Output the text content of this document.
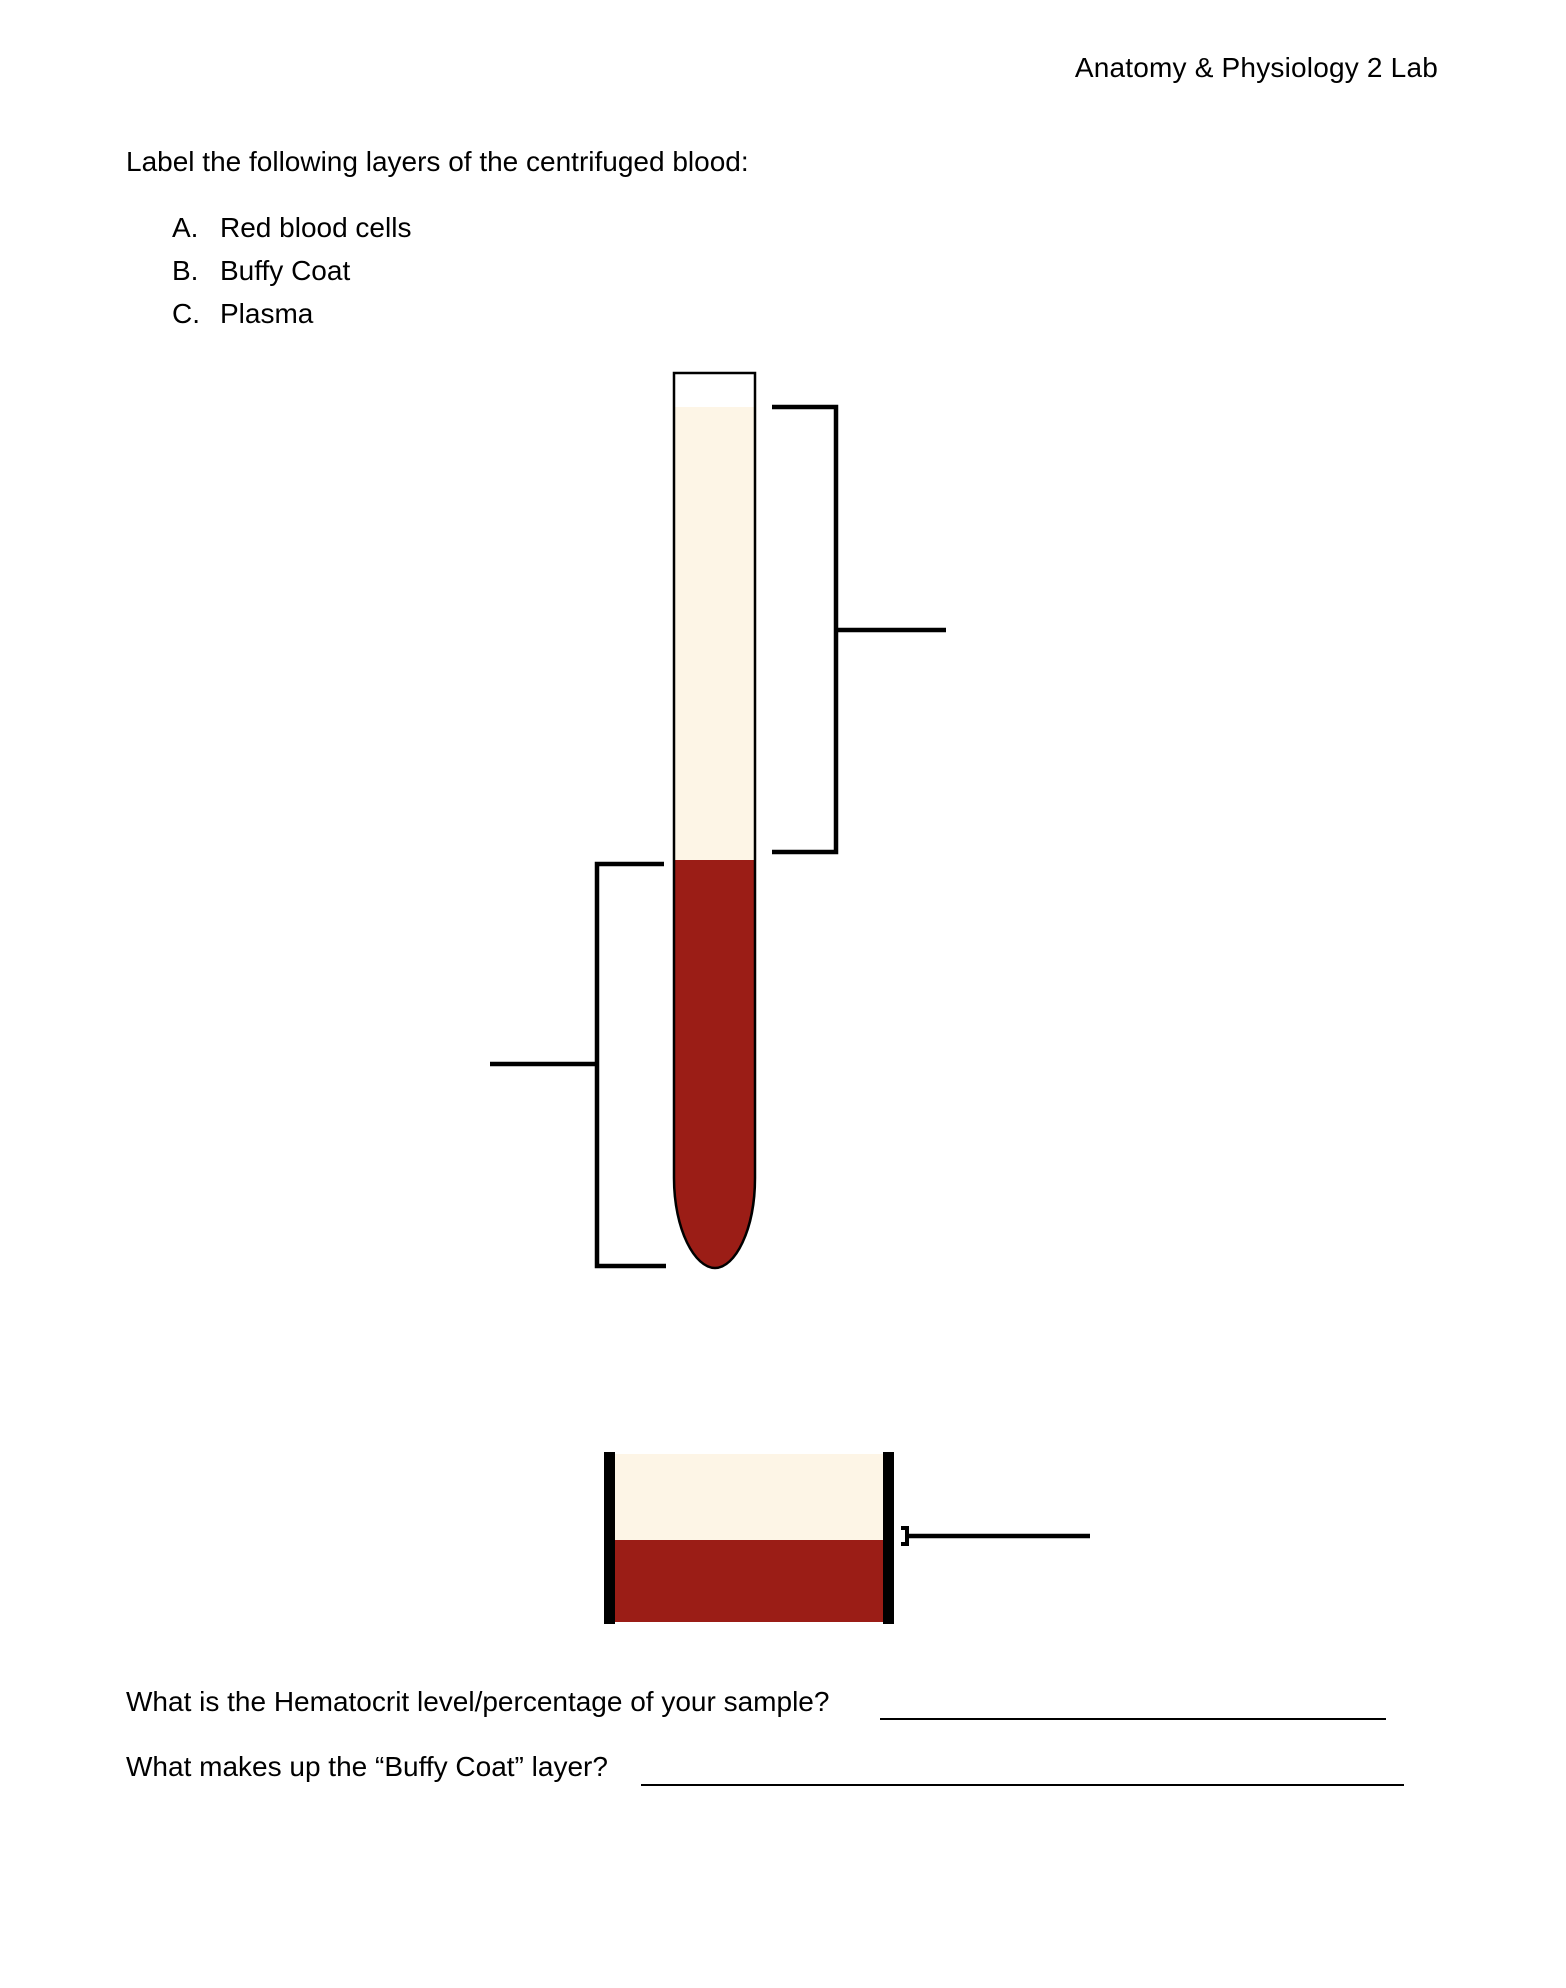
Anatomy & Physiology 2 Lab
Label the following layers of the centrifuged blood:
A. Red blood cells
B. Buffy Coat
C. Plasma
What is the Hematocrit level/percentage of your sample?
What makes up the “Buffy Coat” layer?
